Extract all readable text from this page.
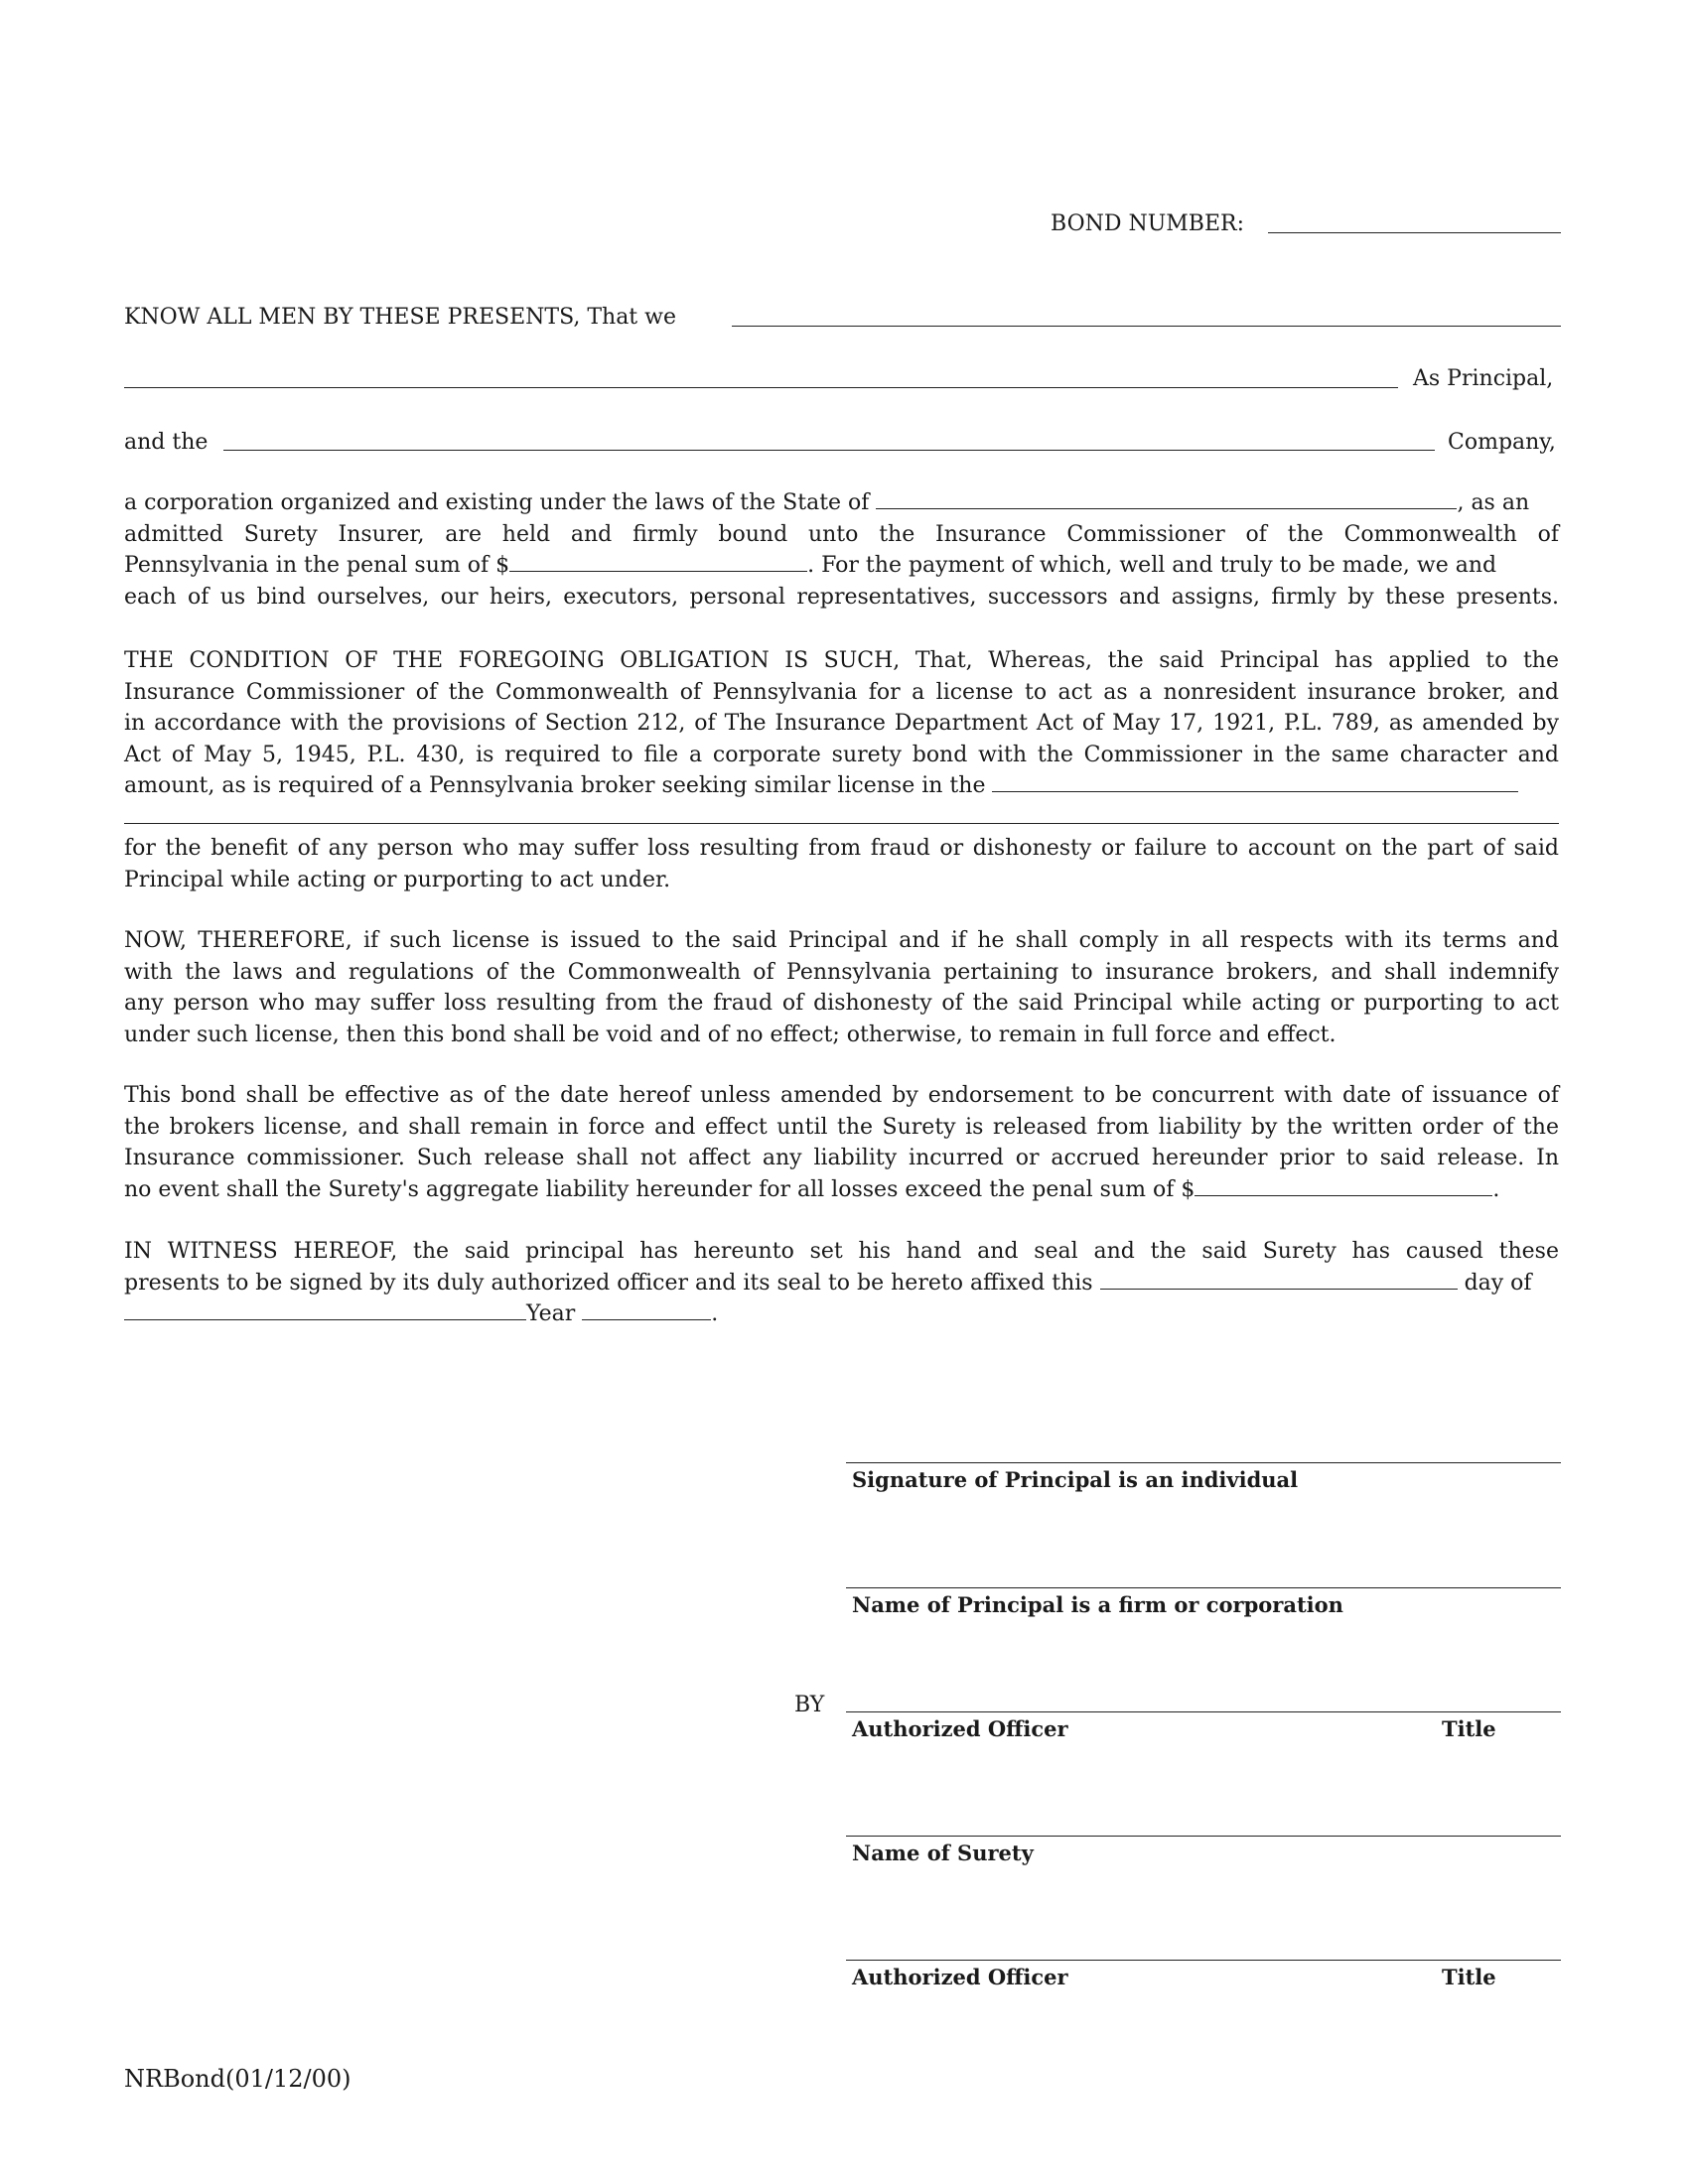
BOND NUMBER:
KNOW ALL MEN BY THESE PRESENTS, That we
As Principal,
and the	Company,
a corporation organized and existing under the laws of the State of	, as an
admitted Surety Insurer, are held and firmly bound unto the Insurance Commissioner of the Commonwealth of
Pennsylvania in the penal sum of $	. For the payment of which, well and truly to be made, we and
each of us bind ourselves, our heirs, executors, personal representatives, successors and assigns, firmly by these presents.
THE CONDITION OF THE FOREGOING OBLIGATION IS SUCH, That, Whereas, the said Principal has applied to the
Insurance Commissioner of the Commonwealth of Pennsylvania for a license to act as a nonresident insurance broker, and
in accordance with the provisions of Section 212, of The Insurance Department Act of May 17, 1921, P.L. 789, as amended by
Act of May 5, 1945, P.L. 430, is required to file a corporate surety bond with the Commissioner in the same character and
amount, as is required of a Pennsylvania broker seeking similar license in the
for the benefit of any person who may suffer loss resulting from fraud or dishonesty or failure to account on the part of said
Principal while acting or purporting to act under.
NOW, THEREFORE, if such license is issued to the said Principal and if he shall comply in all respects with its terms and
with the laws and regulations of the Commonwealth of Pennsylvania pertaining to insurance brokers, and shall indemnify
any person who may suffer loss resulting from the fraud of dishonesty of the said Principal while acting or purporting to act
under such license, then this bond shall be void and of no effect; otherwise, to remain in full force and effect.
This bond shall be effective as of the date hereof unless amended by endorsement to be concurrent with date of issuance of
the brokers license, and shall remain in force and effect until the Surety is released from liability by the written order of the
Insurance commissioner. Such release shall not affect any liability incurred or accrued hereunder prior to said release. In
no event shall the Surety's aggregate liability hereunder for all losses exceed the penal sum of $	.
IN WITNESS HEREOF, the said principal has hereunto set his hand and seal and the said Surety has caused these
presents to be signed by its duly authorized officer and its seal to be hereto affixed this	day of
Year	.
Signature of Principal is an individual
Name of Principal is a firm or corporation
BY
Authorized Officer	Title
Name of Surety
Authorized Officer	Title
NRBond(01/12/00)
